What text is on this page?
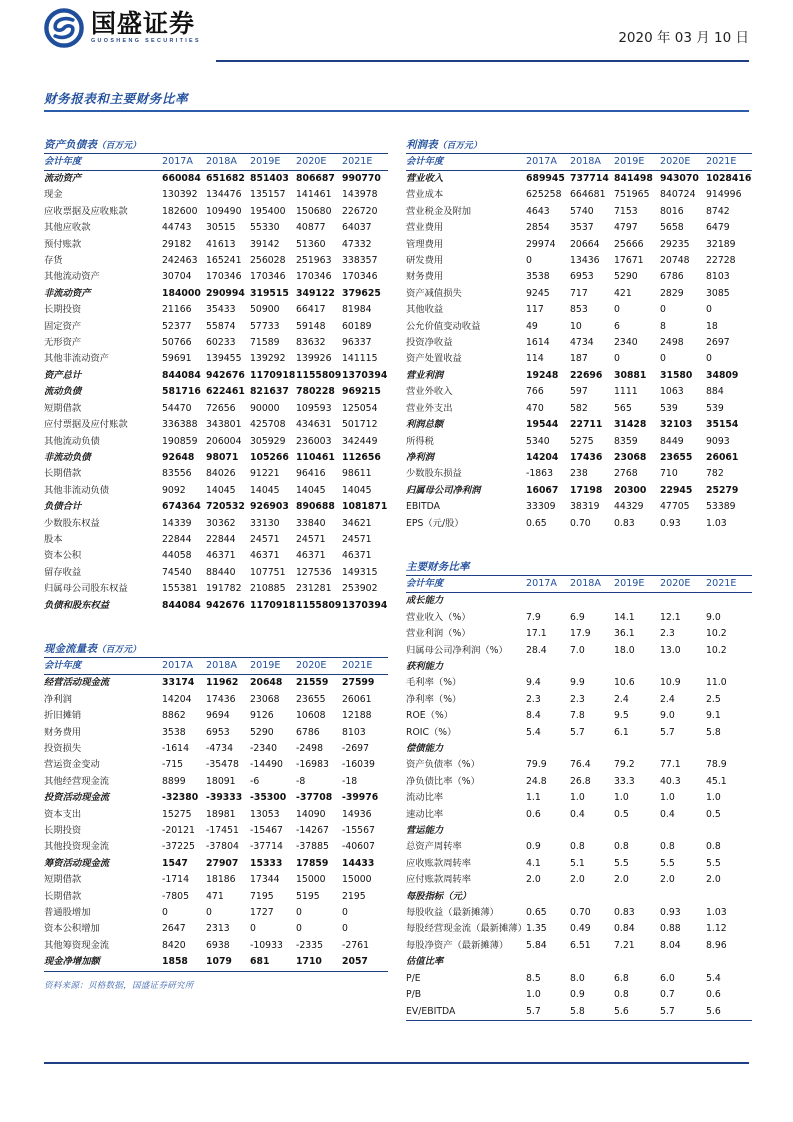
国盛证券
GUOSHENG SECURITIES	2020 年 03 月 10 日
财务报表和主要财务比率
资产负债表（百万元）
会计年度	2017A	2018A	2019E	2020E	2021E
流动资产	660084	651682	851403	806687	990770
现金	130392	134476	135157	141461	143978
应收票据及应收账款	182600	109490	195400	150680	226720
其他应收款	44743	30515	55330	40877	64037
预付账款	29182	41613	39142	51360	47332
存货	242463	165241	256028	251963	338357
其他流动资产	30704	170346	170346	170346	170346
非流动资产	184000	290994	319515	349122	379625
长期投资	21166	35433	50900	66417	81984
固定资产	52377	55874	57733	59148	60189
无形资产	50766	60233	71589	83632	96337
其他非流动资产	59691	139455	139292	139926	141115
资产总计	844084	942676	1170918	1155809	1370394
流动负债	581716	622461	821637	780228	969215
短期借款	54470	72656	90000	109593	125054
应付票据及应付账款	336388	343801	425708	434631	501712
其他流动负债	190859	206004	305929	236003	342449
非流动负债	92648	98071	105266	110461	112656
长期借款	83556	84026	91221	96416	98611
其他非流动负债	9092	14045	14045	14045	14045
负债合计	674364	720532	926903	890688	1081871
少数股东权益	14339	30362	33130	33840	34621
股本	22844	22844	24571	24571	24571
资本公积	44058	46371	46371	46371	46371
留存收益	74540	88440	107751	127536	149315
归属母公司股东权益	155381	191782	210885	231281	253902
负债和股东权益	844084	942676	1170918	1155809	1370394
现金流量表（百万元）
会计年度	2017A	2018A	2019E	2020E	2021E
经营活动现金流	33174	11962	20648	21559	27599
净利润	14204	17436	23068	23655	26061
折旧摊销	8862	9694	9126	10608	12188
财务费用	3538	6953	5290	6786	8103
投资损失	-1614	-4734	-2340	-2498	-2697
营运资金变动	-715	-35478	-14490	-16983	-16039
其他经营现金流	8899	18091	-6	-8	-18
投资活动现金流	-32380	-39333	-35300	-37708	-39976
资本支出	15275	18981	13053	14090	14936
长期投资	-20121	-17451	-15467	-14267	-15567
其他投资现金流	-37225	-37804	-37714	-37885	-40607
筹资活动现金流	1547	27907	15333	17859	14433
短期借款	-1714	18186	17344	15000	15000
长期借款	-7805	471	7195	5195	2195
普通股增加	0	0	1727	0	0
资本公积增加	2647	2313	0	0	0
其他筹资现金流	8420	6938	-10933	-2335	-2761
现金净增加额	1858	1079	681	1710	2057
资料来源：贝格数据，国盛证券研究所
利润表（百万元）
会计年度	2017A	2018A	2019E	2020E	2021E
营业收入	689945	737714	841498	943070	1028416
营业成本	625258	664681	751965	840724	914996
营业税金及附加	4643	5740	7153	8016	8742
营业费用	2854	3537	4797	5658	6479
管理费用	29974	20664	25666	29235	32189
研发费用	0	13436	17671	20748	22728
财务费用	3538	6953	5290	6786	8103
资产减值损失	9245	717	421	2829	3085
其他收益	117	853	0	0	0
公允价值变动收益	49	10	6	8	18
投资净收益	1614	4734	2340	2498	2697
资产处置收益	114	187	0	0	0
营业利润	19248	22696	30881	31580	34809
营业外收入	766	597	1111	1063	884
营业外支出	470	582	565	539	539
利润总额	19544	22711	31428	32103	35154
所得税	5340	5275	8359	8449	9093
净利润	14204	17436	23068	23655	26061
少数股东损益	-1863	238	2768	710	782
归属母公司净利润	16067	17198	20300	22945	25279
EBITDA	33309	38319	44329	47705	53389
EPS（元/股）	0.65	0.70	0.83	0.93	1.03
主要财务比率
会计年度	2017A	2018A	2019E	2020E	2021E
成长能力					
营业收入（%）	7.9	6.9	14.1	12.1	9.0
营业利润（%）	17.1	17.9	36.1	2.3	10.2
归属母公司净利润（%）	28.4	7.0	18.0	13.0	10.2
获利能力					
毛利率（%）	9.4	9.9	10.6	10.9	11.0
净利率（%）	2.3	2.3	2.4	2.4	2.5
ROE（%）	8.4	7.8	9.5	9.0	9.1
ROIC（%）	5.4	5.7	6.1	5.7	5.8
偿债能力					
资产负债率（%）	79.9	76.4	79.2	77.1	78.9
净负债比率（%）	24.8	26.8	33.3	40.3	45.1
流动比率	1.1	1.0	1.0	1.0	1.0
速动比率	0.6	0.4	0.5	0.4	0.5
营运能力					
总资产周转率	0.9	0.8	0.8	0.8	0.8
应收账款周转率	4.1	5.1	5.5	5.5	5.5
应付账款周转率	2.0	2.0	2.0	2.0	2.0
每股指标（元）					
每股收益（最新摊薄）	0.65	0.70	0.83	0.93	1.03
每股经营现金流（最新摊薄）	1.35	0.49	0.84	0.88	1.12
每股净资产（最新摊薄）	5.84	6.51	7.21	8.04	8.96
估值比率					
P/E	8.5	8.0	6.8	6.0	5.4
P/B	1.0	0.9	0.8	0.7	0.6
EV/EBITDA	5.7	5.8	5.6	5.7	5.6
